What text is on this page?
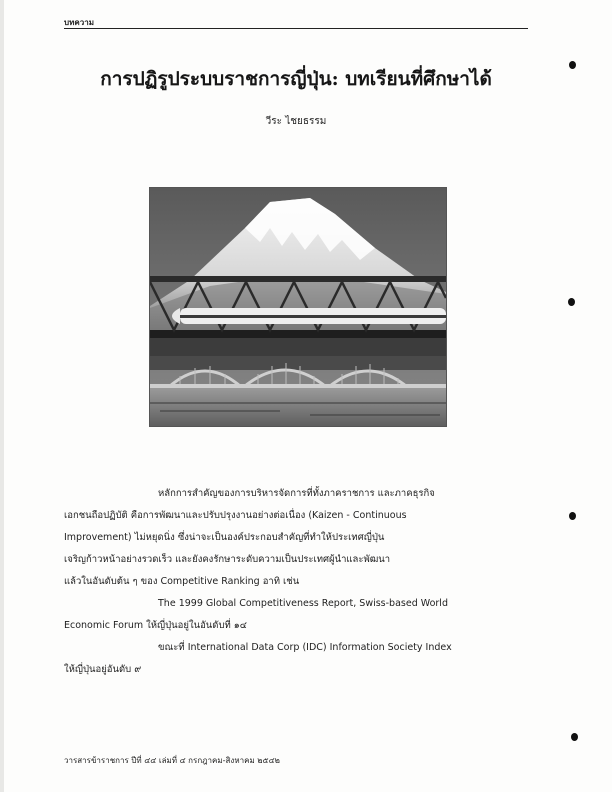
บทความ
การปฏิรูประบบราชการญี่ปุ่น: บทเรียนที่ศึกษาได้
วีระ ไชยธรรม
หลักการสำคัญของการบริหารจัดการที่ทั้งภาคราชการ และภาคธุรกิจ
เอกชนถือปฏิบัติ คือการพัฒนาและปรับปรุงงานอย่างต่อเนื่อง (Kaizen - Continuous
Improvement) ไม่หยุดนิ่ง ซึ่งน่าจะเป็นองค์ประกอบสำคัญที่ทำให้ประเทศญี่ปุ่น
เจริญก้าวหน้าอย่างรวดเร็ว และยังคงรักษาระดับความเป็นประเทศผู้นำและพัฒนา
แล้วในอันดับต้น ๆ ของ Competitive Ranking อาทิ เช่น
The 1999 Global Competitiveness Report, Swiss-based World
Economic Forum ให้ญี่ปุ่นอยู่ในอันดับที่ ๑๔
ขณะที่ International Data Corp (IDC) Information Society Index
ให้ญี่ปุ่นอยู่อันดับ ๙
วารสารข้าราชการ ปีที่ ๔๔ เล่มที่ ๔ กรกฎาคม-สิงหาคม ๒๕๔๒
